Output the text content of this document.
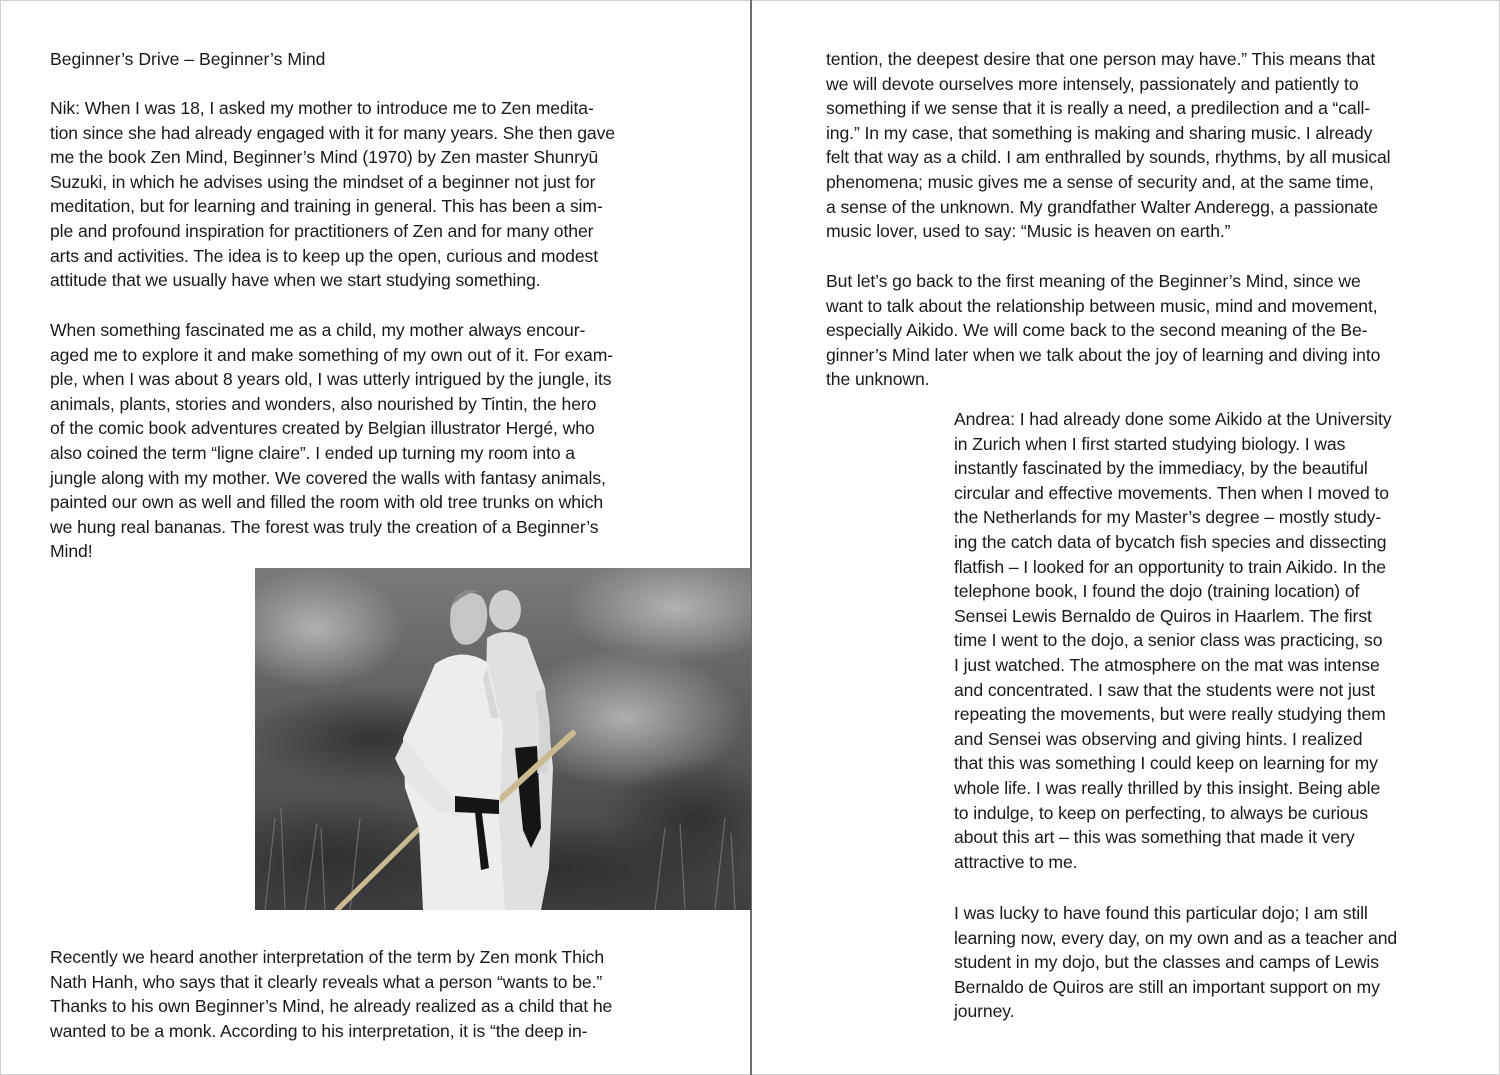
Beginner’s Drive – Beginner’s Mind
Nik: When I was 18, I asked my mother to introduce me to Zen medita-
tion since she had already engaged with it for many years. She then gave
me the book Zen Mind, Beginner’s Mind (1970) by Zen master Shunryū
Suzuki, in which he advises using the mindset of a beginner not just for
meditation, but for learning and training in general. This has been a sim-
ple and profound inspiration for practitioners of Zen and for many other
arts and activities. The idea is to keep up the open, curious and modest
attitude that we usually have when we start studying something.
When something fascinated me as a child, my mother always encour-
aged me to explore it and make something of my own out of it. For exam-
ple, when I was about 8 years old, I was utterly intrigued by the jungle, its
animals, plants, stories and wonders, also nourished by Tintin, the hero
of the comic book adventures created by Belgian illustrator Hergé, who
also coined the term “ligne claire”. I ended up turning my room into a
jungle along with my mother. We covered the walls with fantasy animals,
painted our own as well and filled the room with old tree trunks on which
we hung real bananas. The forest was truly the creation of a Beginner’s
Mind!
Recently we heard another interpretation of the term by Zen monk Thich
Nath Hanh, who says that it clearly reveals what a person “wants to be.”
Thanks to his own Beginner’s Mind, he already realized as a child that he
wanted to be a monk. According to his interpretation, it is “the deep in-
tention, the deepest desire that one person may have.” This means that
we will devote ourselves more intensely, passionately and patiently to
something if we sense that it is really a need, a predilection and a “call-
ing.” In my case, that something is making and sharing music. I already
felt that way as a child. I am enthralled by sounds, rhythms, by all musical
phenomena; music gives me a sense of security and, at the same time,
a sense of the unknown. My grandfather Walter Anderegg, a passionate
music lover, used to say: “Music is heaven on earth.”
But let’s go back to the first meaning of the Beginner’s Mind, since we
want to talk about the relationship between music, mind and movement,
especially Aikido. We will come back to the second meaning of the Be-
ginner’s Mind later when we talk about the joy of learning and diving into
the unknown.
Andrea: I had already done some Aikido at the University
in Zurich when I first started studying biology. I was
instantly fascinated by the immediacy, by the beautiful
circular and effective movements. Then when I moved to
the Netherlands for my Master’s degree – mostly study-
ing the catch data of bycatch fish species and dissecting
flatfish – I looked for an opportunity to train Aikido. In the
telephone book, I found the dojo (training location) of
Sensei Lewis Bernaldo de Quiros in Haarlem. The first
time I went to the dojo, a senior class was practicing, so
I just watched. The atmosphere on the mat was intense
and concentrated. I saw that the students were not just
repeating the movements, but were really studying them
and Sensei was observing and giving hints. I realized
that this was something I could keep on learning for my
whole life. I was really thrilled by this insight. Being able
to indulge, to keep on perfecting, to always be curious
about this art – this was something that made it very
attractive to me.
I was lucky to have found this particular dojo; I am still
learning now, every day, on my own and as a teacher and
student in my dojo, but the classes and camps of Lewis
Bernaldo de Quiros are still an important support on my
journey.
